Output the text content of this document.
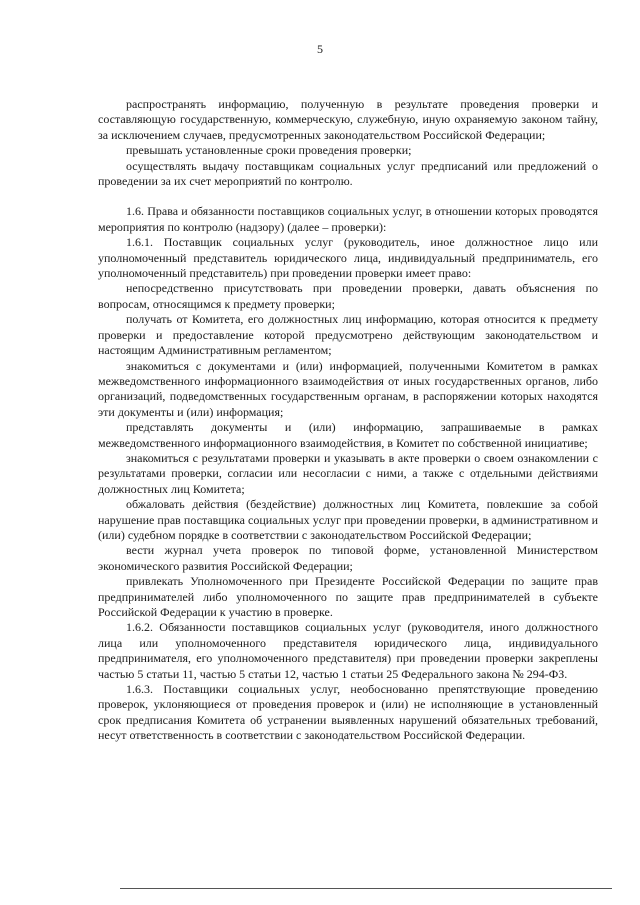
5

распространять информацию, полученную в результате проведения проверки и составляющую государственную, коммерческую, служебную, иную охраняемую законом тайну, за исключением случаев, предусмотренных законодательством Российской Федерации;

превышать установленные сроки проведения проверки;

осуществлять выдачу поставщикам социальных услуг предписаний или предложений о проведении за их счет мероприятий по контролю.

1.6. Права и обязанности поставщиков социальных услуг, в отношении которых проводятся мероприятия по контролю (надзору) (далее – проверки):

1.6.1. Поставщик социальных услуг (руководитель, иное должностное лицо или уполномоченный представитель юридического лица, индивидуальный предприниматель, его уполномоченный представитель) при проведении проверки имеет право:

непосредственно присутствовать при проведении проверки, давать объяснения по вопросам, относящимся к предмету проверки;

получать от Комитета, его должностных лиц информацию, которая относится к предмету проверки и предоставление которой предусмотрено действующим законодательством и настоящим Административным регламентом;

знакомиться с документами и (или) информацией, полученными Комитетом в рамках межведомственного информационного взаимодействия от иных государственных органов, либо организаций, подведомственных государственным органам, в распоряжении которых находятся эти документы и (или) информация;

представлять документы и (или) информацию, запрашиваемые в рамках межведомственного информационного взаимодействия, в Комитет по собственной инициативе;

знакомиться с результатами проверки и указывать в акте проверки о своем ознакомлении с результатами проверки, согласии или несогласии с ними, а также с отдельными действиями должностных лиц Комитета;

обжаловать действия (бездействие) должностных лиц Комитета, повлекшие за собой нарушение прав поставщика социальных услуг при проведении проверки, в административном и (или) судебном порядке в соответствии с законодательством Российской Федерации;

вести журнал учета проверок по типовой форме, установленной Министерством экономического развития Российской Федерации;

привлекать Уполномоченного при Президенте Российской Федерации по защите прав предпринимателей либо уполномоченного по защите прав предпринимателей в субъекте Российской Федерации к участию в проверке.

1.6.2. Обязанности поставщиков социальных услуг (руководителя, иного должностного лица или уполномоченного представителя юридического лица, индивидуального предпринимателя, его уполномоченного представителя) при проведении проверки закреплены частью 5 статьи 11, частью 5 статьи 12, частью 1 статьи 25 Федерального закона № 294-ФЗ.

1.6.3. Поставщики социальных услуг, необоснованно препятствующие проведению проверок, уклоняющиеся от проведения проверок и (или) не исполняющие в установленный срок предписания Комитета об устранении выявленных нарушений обязательных требований, несут ответственность в соответствии с законодательством Российской Федерации.
